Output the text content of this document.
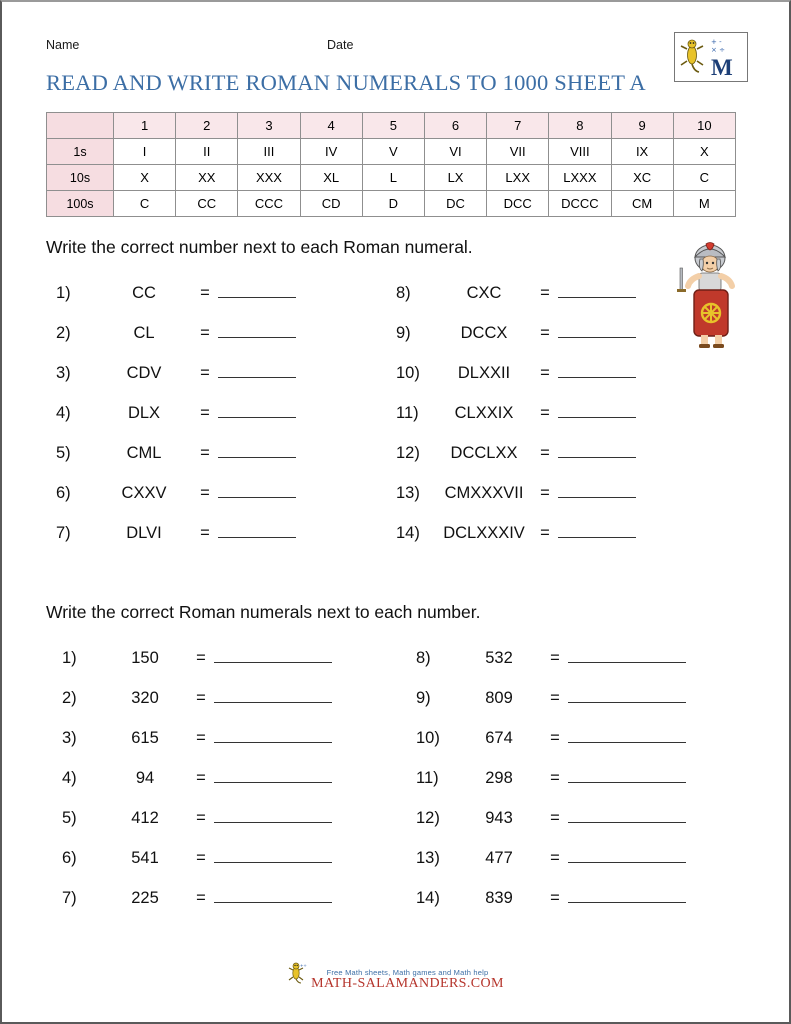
Name	Date	+ -
× ÷
M
READ AND WRITE ROMAN NUMERALS TO 1000 SHEET A
	1	2	3	4	5	6	7	8	9	10
1s	I	II	III	IV	V	VI	VII	VIII	IX	X
10s	X	XX	XXX	XL	L	LX	LXX	LXXX	XC	C
100s	C	CC	CCC	CD	D	DC	DCC	DCCC	CM	M
Write the correct number next to each Roman numeral.
1)	CC	=
2)	CL	=
3)	CDV	=
4)	DLX	=
5)	CML	=
6)	CXXV	=
7)	DLVI	=
8)	CXC	=
9)	DCCX	=
10)	DLXXII	=
11)	CLXXIX	=
12)	DCCLXX	=
13)	CMXXXVII	=
14)	DCLXXXIV =
Write the correct Roman numerals next to each number.
1)	150	=
2)	320	=
3)	615	=
4)	94	=
5)	412	=
6)	541	=
7)	225	=
8)	532	=
9)	809	=
10)	674	=
11)	298	=
12)	943	=
13)	477	=
14)	839	=
+÷
Free Math sheets, Math games and Math help
MATH-SALAMANDERS.COM
